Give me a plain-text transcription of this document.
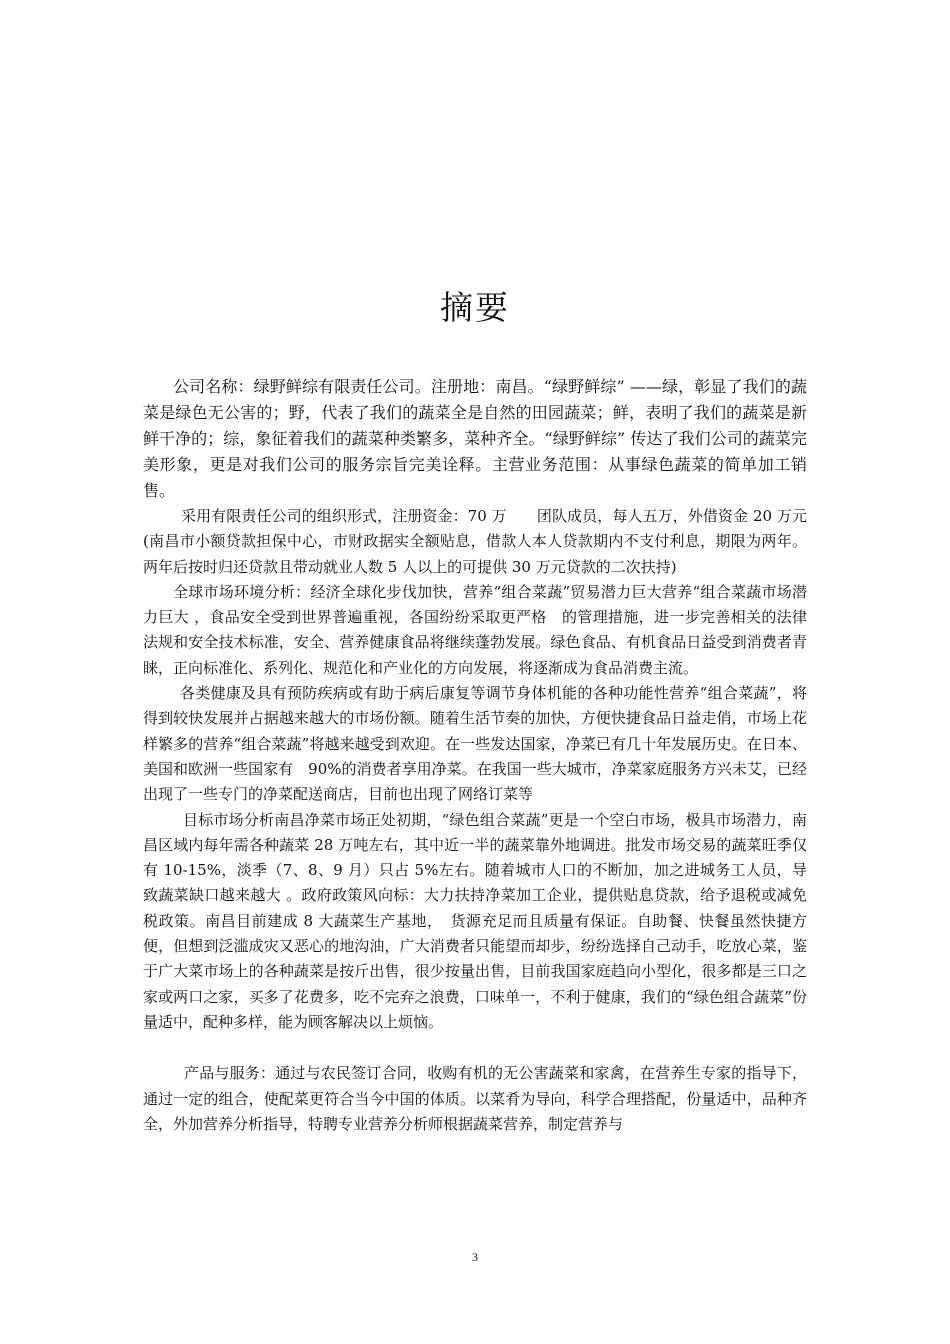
摘要

公司名称：绿野鲜综有限责任公司。注册地：南昌。“绿野鲜综” ——绿，彰显了我们的蔬菜是绿色无公害的；野，代表了我们的蔬菜全是自然的田园蔬菜；鲜，表明了我们的蔬菜是新鲜干净的；综，象征着我们的蔬菜种类繁多，菜种齐全。“绿野鲜综” 传达了我们公司的蔬菜完美形象，更是对我们公司的服务宗旨完美诠释。主营业务范围：从事绿色蔬菜的简单加工销售。

采用有限责任公司的组织形式，注册资金：70 万　　团队成员，每人五万，外借资金 20 万元(南昌市小额贷款担保中心，市财政据实全额贴息，借款人本人贷款期内不支付利息，期限为两年。两年后按时归还贷款且带动就业人数 5 人以上的可提供 30 万元贷款的二次扶持)

全球市场环境分析：经济全球化步伐加快，营养“组合菜蔬”贸易潜力巨大营养“组合菜蔬市场潜力巨大 ，食品安全受到世界普遍重视，各国纷纷采取更严格　的管理措施，进一步完善相关的法律法规和安全技术标准，安全、营养健康食品将继续蓬勃发展。绿色食品、有机食品日益受到消费者青睐，正向标准化、系列化、规范化和产业化的方向发展，将逐渐成为食品消费主流。

各类健康及具有预防疾病或有助于病后康复等调节身体机能的各种功能性营养“组合菜蔬”，将得到较快发展并占据越来越大的市场份额。随着生活节奏的加快，方便快捷食品日益走俏，市场上花样繁多的营养“组合菜蔬”将越来越受到欢迎。在一些发达国家，净菜已有几十年发展历史。在日本、美国和欧洲一些国家有　90%的消费者享用净菜。在我国一些大城市，净菜家庭服务方兴未艾，已经出现了一些专门的净菜配送商店，目前也出现了网络订菜等

目标市场分析南昌净菜市场正处初期，“绿色组合菜蔬”更是一个空白市场，极具市场潜力，南昌区域内每年需各种蔬菜 28 万吨左右，其中近一半的蔬菜靠外地调进。批发市场交易的蔬菜旺季仅有 10-15%，淡季（7、8、9 月）只占 5%左右。随着城市人口的不断加，加之进城务工人员，导致蔬菜缺口越来越大 。政府政策风向标：大力扶持净菜加工企业，提供贴息贷款，给予退税或减免税政策。南昌目前建成 8 大蔬菜生产基地，　货源充足而且质量有保证。自助餐、快餐虽然快捷方便，但想到泛滥成灾又恶心的地沟油，广大消费者只能望而却步，纷纷选择自己动手，吃放心菜，鉴于广大菜市场上的各种蔬菜是按斤出售，很少按量出售，目前我国家庭趋向小型化，很多都是三口之家或两口之家，买多了花费多，吃不完弃之浪费，口味单一，不利于健康，我们的“绿色组合蔬菜”份量适中，配种多样，能为顾客解决以上烦恼。

产品与服务：通过与农民签订合同，收购有机的无公害蔬菜和家禽，在营养生专家的指导下，通过一定的组合，使配菜更符合当今中国的体质。以菜肴为导向，科学合理搭配，份量适中，品种齐全，外加营养分析指导，特聘专业营养分析师根据蔬菜营养，制定营养与

3
